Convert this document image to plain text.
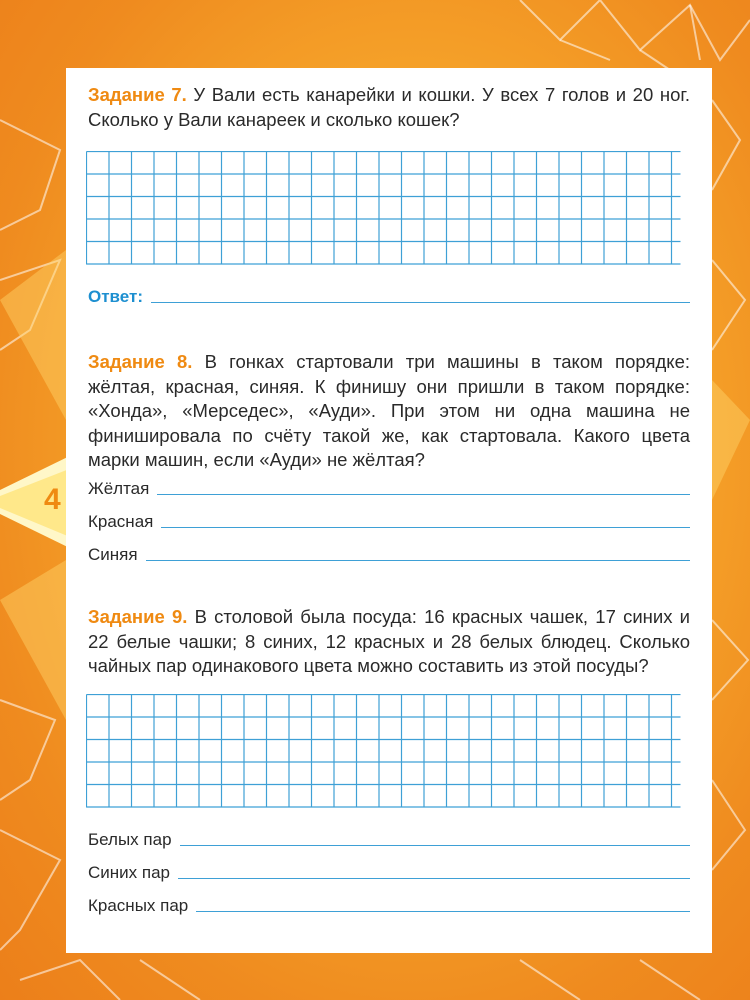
4
Задание 7. У Вали есть канарейки и кошки. У всех 7 голов и 20 ног. Сколько у Вали канареек и сколько кошек?
Ответ:
Задание 8. В гонках стартовали три машины в таком порядке: жёлтая, красная, синяя. К финишу они пришли в таком порядке: «Хонда», «Мерседес», «Ауди». При этом ни одна машина не финишировала по счёту такой же, как стартовала. Какого цвета марки машин, если «Ауди» не жёлтая?
Жёлтая
Красная
Синяя
Задание 9. В столовой была посуда: 16 красных чашек, 17 синих и 22 белые чашки; 8 синих, 12 красных и 28 белых блюдец. Сколько чайных пар одинакового цвета можно составить из этой посуды?
Белых пар
Синих пар
Красных пар
